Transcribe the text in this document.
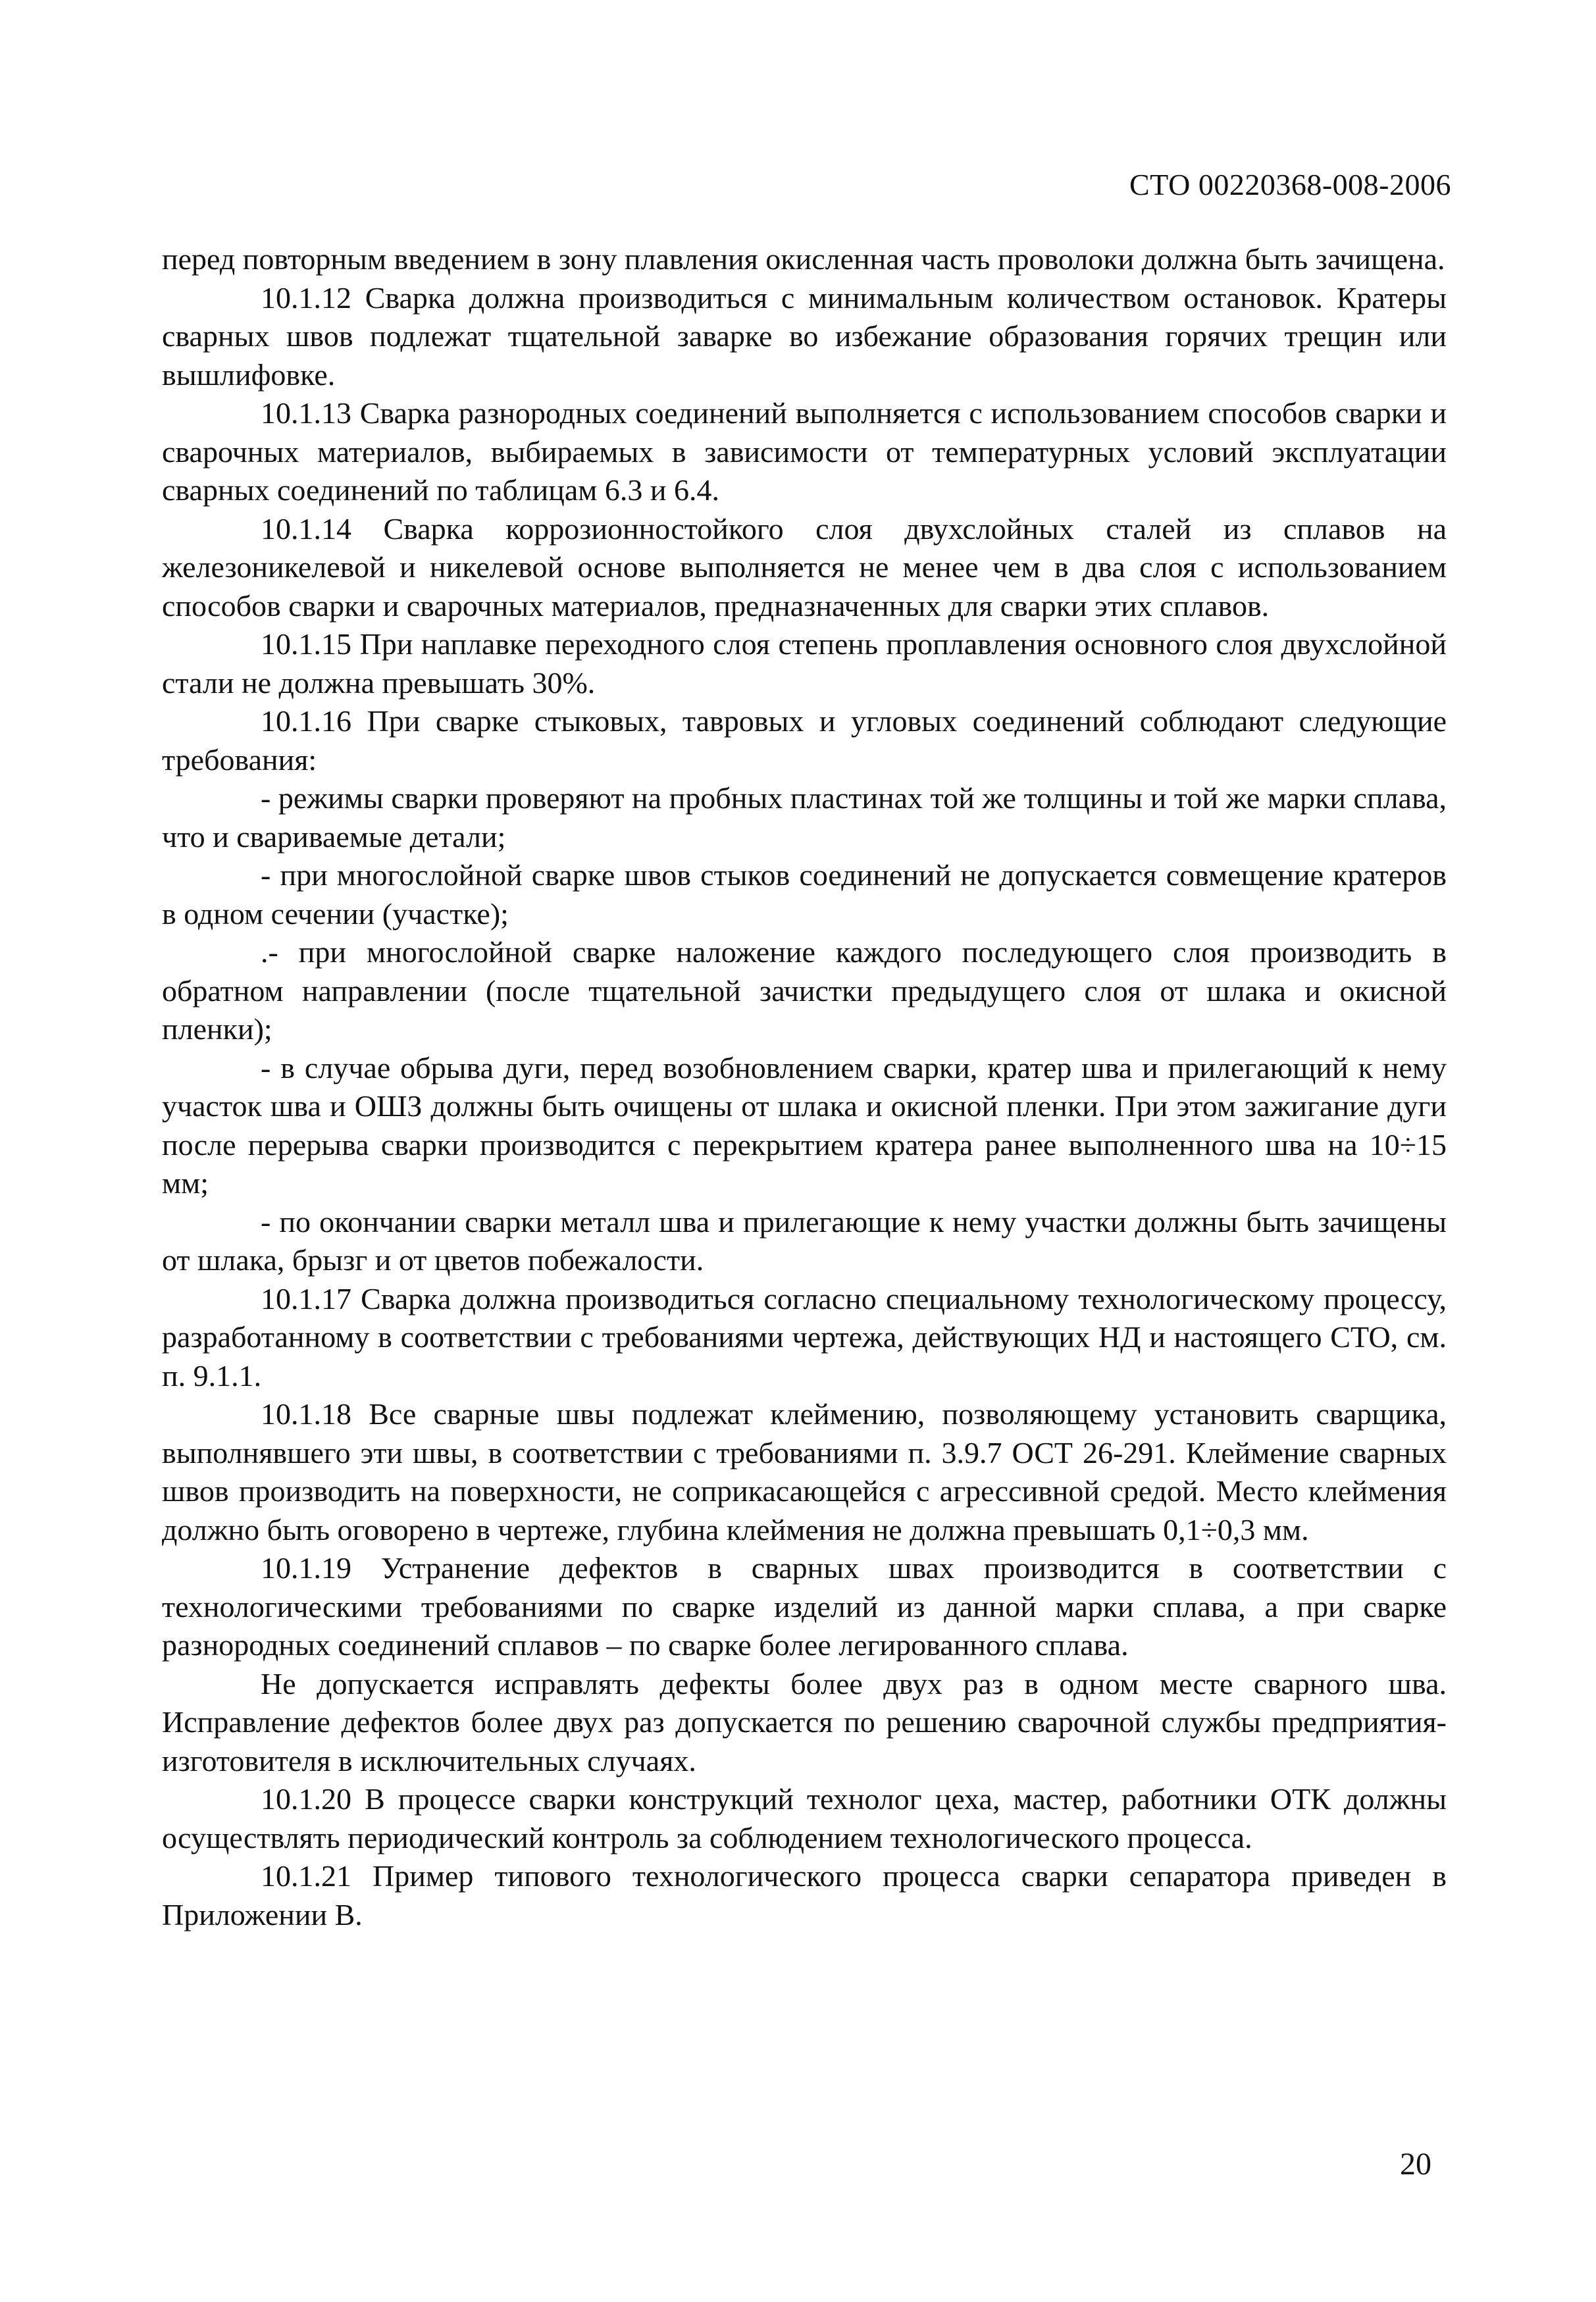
СТО 00220368-008-2006

перед повторным введением в зону плавления окисленная часть проволоки должна быть зачищена.

10.1.12 Сварка должна производиться с минимальным количеством остановок. Кратеры сварных швов подлежат тщательной заварке во избежание образования горячих трещин или вышлифовке.

10.1.13 Сварка разнородных соединений выполняется с использованием способов сварки и сварочных материалов, выбираемых в зависимости от температурных условий эксплуатации сварных соединений по таблицам 6.3 и 6.4.

10.1.14 Сварка коррозионностойкого слоя двухслойных сталей из сплавов на железоникелевой и никелевой основе выполняется не менее чем в два слоя с использованием способов сварки и сварочных материалов, предназначенных для сварки этих сплавов.

10.1.15 При наплавке переходного слоя степень проплавления основного слоя двухслойной стали не должна превышать 30%.

10.1.16 При сварке стыковых, тавровых и угловых соединений соблюдают следующие требования:

- режимы сварки проверяют на пробных пластинах той же толщины и той же марки сплава, что и свариваемые детали;

- при многослойной сварке швов стыков соединений не допускается совмещение кратеров в одном сечении (участке);

.- при многослойной сварке наложение каждого последующего слоя производить в обратном направлении (после тщательной зачистки предыдущего слоя от шлака и окисной пленки);

- в случае обрыва дуги, перед возобновлением сварки, кратер шва и прилегающий к нему участок шва и ОШЗ должны быть очищены от шлака и окисной пленки. При этом зажигание дуги после перерыва сварки производится с перекрытием кратера ранее выполненного шва на 10÷15 мм;

- по окончании сварки металл шва и прилегающие к нему участки должны быть зачищены от шлака, брызг и от цветов побежалости.

10.1.17 Сварка должна производиться согласно специальному технологическому процессу, разработанному в соответствии с требованиями чертежа, действующих НД и настоящего СТО, см. п. 9.1.1.

10.1.18 Все сварные швы подлежат клеймению, позволяющему установить сварщика, выполнявшего эти швы, в соответствии с требованиями п. 3.9.7 ОСТ 26-291. Клеймение сварных швов производить на поверхности, не соприкасающейся с агрессивной средой. Место клеймения должно быть оговорено в чертеже, глубина клеймения не должна превышать 0,1÷0,3 мм.

10.1.19 Устранение дефектов в сварных швах производится в соответствии с технологическими требованиями по сварке изделий из данной марки сплава, а при сварке разнородных соединений сплавов – по сварке более легированного сплава.

Не допускается исправлять дефекты более двух раз в одном месте сварного шва. Исправление дефектов более двух раз допускается по решению сварочной службы предприятия-изготовителя в исключительных случаях.

10.1.20 В процессе сварки конструкций технолог цеха, мастер, работники ОТК должны осуществлять периодический контроль за соблюдением технологического процесса.

10.1.21 Пример типового технологического процесса сварки сепаратора приведен в Приложении В.

20
